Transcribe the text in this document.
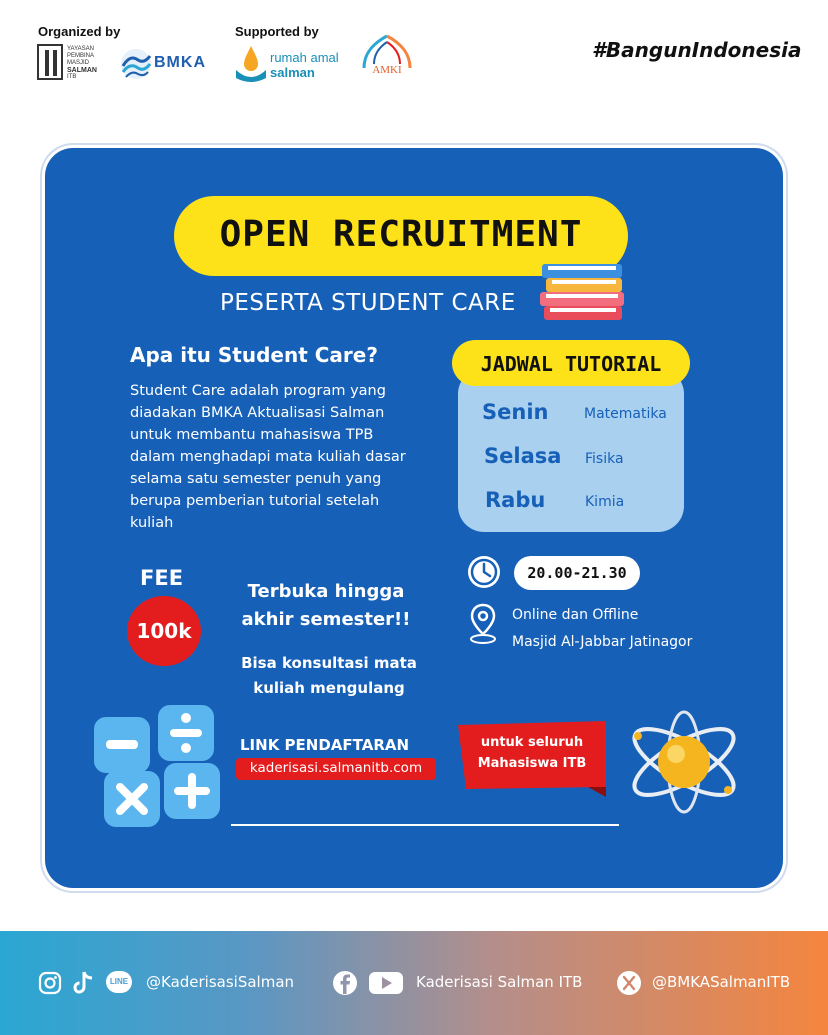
Organized by	Supported by
#BangunIndonesia
YAYASAN
PEMBINA
MASJID
SALMAN
ITB
BMKA	rumah amal
salman	AMKI
OPEN RECRUITMENT
PESERTA STUDENT CARE
Apa itu Student Care?
Student Care adalah program yang
diadakan BMKA Aktualisasi Salman
untuk membantu mahasiswa TPB
dalam menghadapi mata kuliah dasar
selama satu semester penuh yang
berupa pemberian tutorial setelah
kuliah
JADWAL TUTORIAL
Senin	Matematika
Selasa Fisika
Rabu	Kimia
FEE
100k
Terbuka hingga
akhir semester!!
Bisa konsultasi mata
kuliah mengulang
20.00-21.30
Online dan Offline
Masjid Al-Jabbar Jatinagor
LINK PENDAFTARAN
kaderisasi.salmanitb.com
untuk seluruh
Mahasiswa ITB
LINE @KaderisasiSalman	Kaderisasi Salman ITB	@BMKASalmanITB
